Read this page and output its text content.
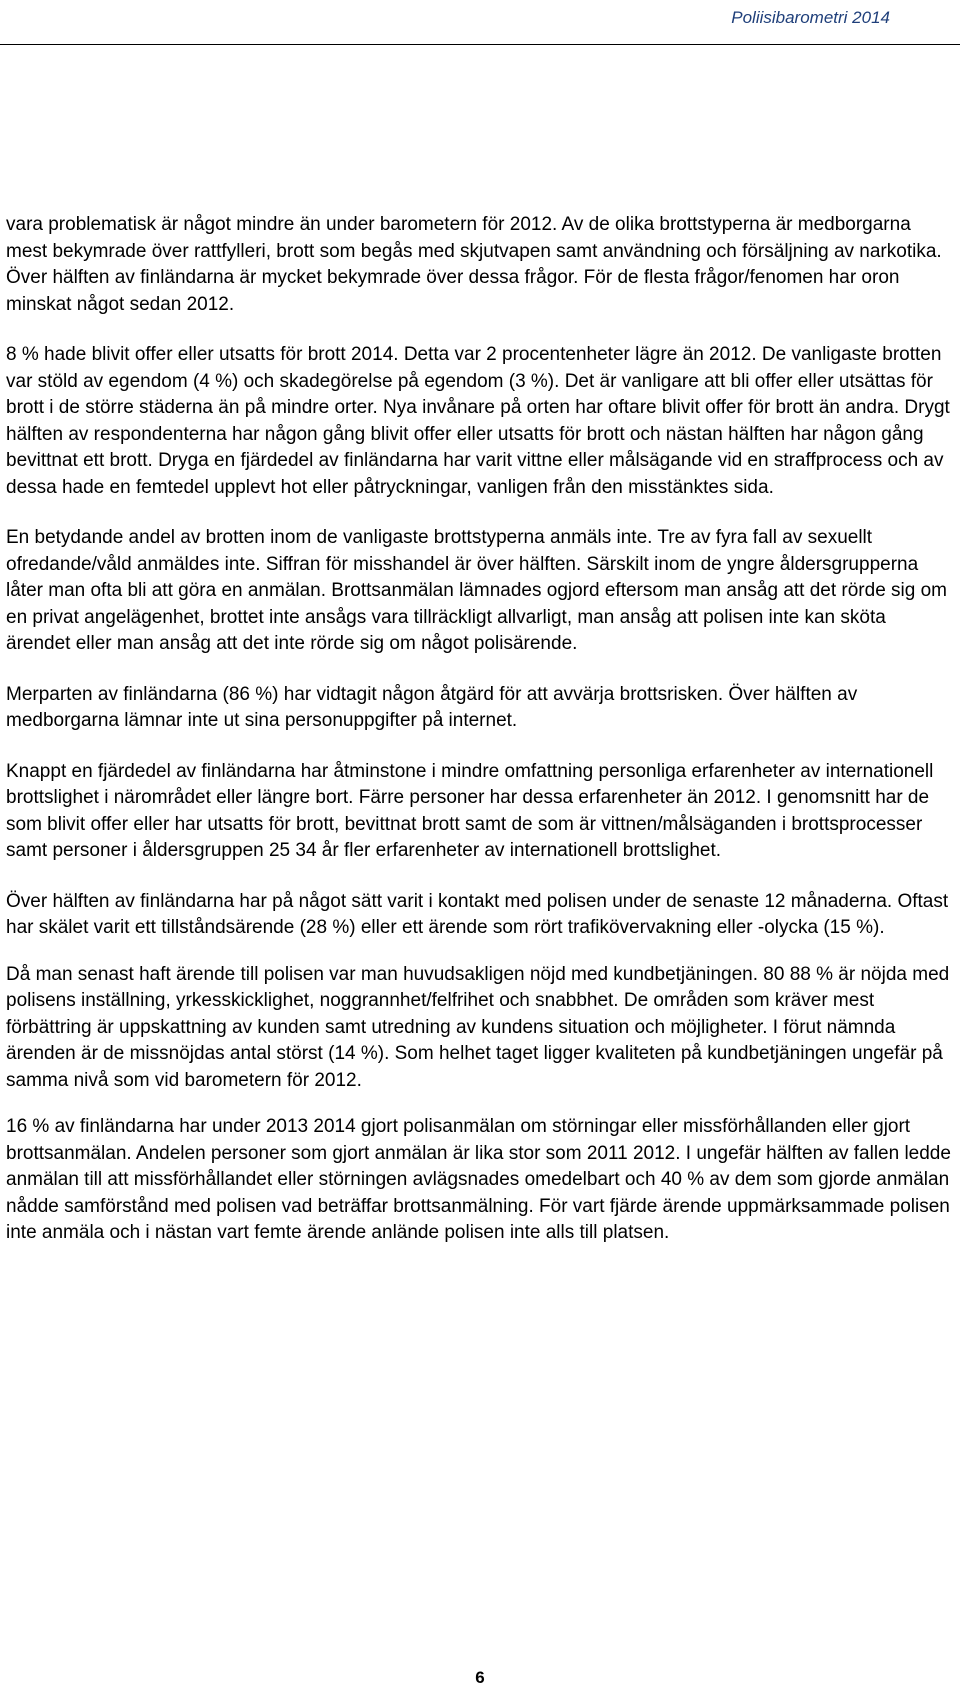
Poliisibarometri 2014

vara problematisk är något mindre än under barometern för 2012. Av de olika brottstyperna är medborgarna mest bekymrade över rattfylleri, brott som begås med skjutvapen samt användning och försäljning av narkotika. Över hälften av finländarna är mycket bekymrade över dessa frågor. För de flesta frågor/fenomen har oron minskat något sedan 2012.

8 % hade blivit offer eller utsatts för brott 2014. Detta var 2 procentenheter lägre än 2012. De vanligaste brotten var stöld av egendom (4 %) och skadegörelse på egendom (3 %). Det är vanligare att bli offer eller utsättas för brott i de större städerna än på mindre orter. Nya invånare på orten har oftare blivit offer för brott än andra. Drygt hälften av respondenterna har någon gång blivit offer eller utsatts för brott och nästan hälften har någon gång bevittnat ett brott. Dryga en fjärdedel av finländarna har varit vittne eller målsägande vid en straffprocess och av dessa hade en femtedel upplevt hot eller påtryckningar, vanligen från den misstänktes sida.

En betydande andel av brotten inom de vanligaste brottstyperna anmäls inte. Tre av fyra fall av sexuellt ofredande/våld anmäldes inte. Siffran för misshandel är över hälften. Särskilt inom de yngre åldersgrupperna låter man ofta bli att göra en anmälan. Brottsanmälan lämnades ogjord eftersom man ansåg att det rörde sig om en privat angelägenhet, brottet inte ansågs vara tillräckligt allvarligt, man ansåg att polisen inte kan sköta ärendet eller man ansåg att det inte rörde sig om något polisärende.

Merparten av finländarna (86 %) har vidtagit någon åtgärd för att avvärja brottsrisken. Över hälften av medborgarna lämnar inte ut sina personuppgifter på internet.

Knappt en fjärdedel av finländarna har åtminstone i mindre omfattning personliga erfarenheter av internationell brottslighet i närområdet eller längre bort. Färre personer har dessa erfarenheter än 2012. I genomsnitt har de som blivit offer eller har utsatts för brott, bevittnat brott samt de som är vittnen/målsäganden i brottsprocesser samt personer i åldersgruppen 25 34 år fler erfarenheter av internationell brottslighet.

Över hälften av finländarna har på något sätt varit i kontakt med polisen under de senaste 12 månaderna. Oftast har skälet varit ett tillståndsärende (28 %) eller ett ärende som rört trafikövervakning eller -olycka (15 %).

Då man senast haft ärende till polisen var man huvudsakligen nöjd med kundbetjäningen. 80 88 % är nöjda med polisens inställning, yrkesskicklighet, noggrannhet/felfrihet och snabbhet. De områden som kräver mest förbättring är uppskattning av kunden samt utredning av kundens situation och möjligheter. I förut nämnda ärenden är de missnöjdas antal störst (14 %). Som helhet taget ligger kvaliteten på kundbetjäningen ungefär på samma nivå som vid barometern för 2012.

16 % av finländarna har under 2013 2014 gjort polisanmälan om störningar eller missförhållanden eller gjort brottsanmälan. Andelen personer som gjort anmälan är lika stor som 2011 2012. I ungefär hälften av fallen ledde anmälan till att missförhållandet eller störningen avlägsnades omedelbart och 40 % av dem som gjorde anmälan nådde samförstånd med polisen vad beträffar brottsanmälning. För vart fjärde ärende uppmärksammade polisen inte anmäla och i nästan vart femte ärende anlände polisen inte alls till platsen.

6
